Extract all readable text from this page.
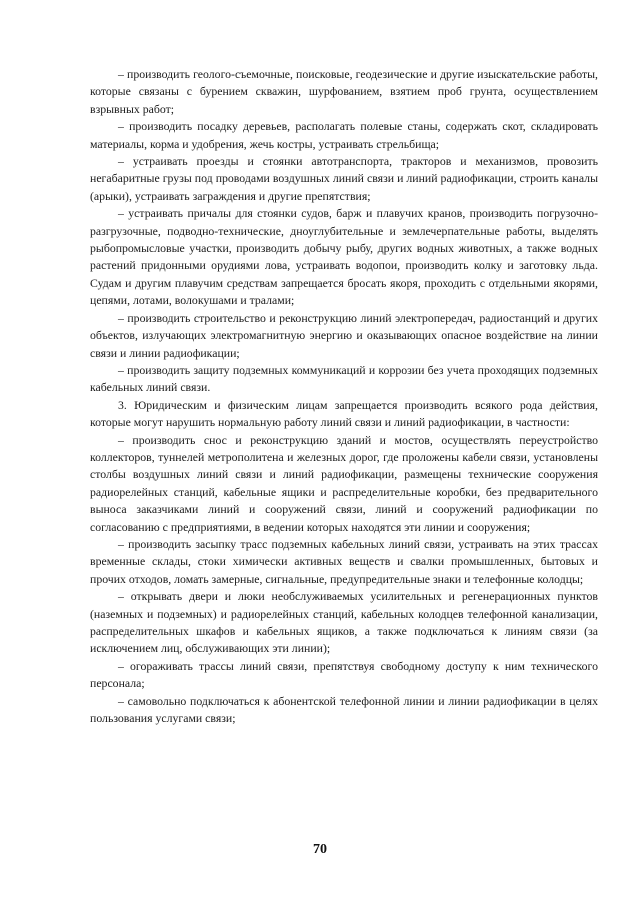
– производить геолого-съемочные, поисковые, геодезические и другие изыскательские работы, которые связаны с бурением скважин, шурфованием, взятием проб грунта, осуществлением взрывных работ;

– производить посадку деревьев, располагать полевые станы, содержать скот, складировать материалы, корма и удобрения, жечь костры, устраивать стрельбища;

– устраивать проезды и стоянки автотранспорта, тракторов и механизмов, провозить негабаритные грузы под проводами воздушных линий связи и линий радиофикации, строить каналы (арыки), устраивать заграждения и другие препятствия;

– устраивать причалы для стоянки судов, барж и плавучих кранов, производить погрузочно-разгрузочные, подводно-технические, дноуглубительные и землечерпательные работы, выделять рыбопромысловые участки, производить добычу рыбу, других водных животных, а также водных растений придонными орудиями лова, устраивать водопои, производить колку и заготовку льда. Судам и другим плавучим средствам запрещается бросать якоря, проходить с отдельными якорями, цепями, лотами, волокушами и тралами;

– производить строительство и реконструкцию линий электропередач, радиостанций и других объектов, излучающих электромагнитную энергию и оказывающих опасное воздействие на линии связи и линии радиофикации;

– производить защиту подземных коммуникаций и коррозии без учета проходящих подземных кабельных линий связи.

3. Юридическим и физическим лицам запрещается производить всякого рода действия, которые могут нарушить нормальную работу линий связи и линий радиофикации, в частности:

– производить снос и реконструкцию зданий и мостов, осуществлять переустройство коллекторов, туннелей метрополитена и железных дорог, где проложены кабели связи, установлены столбы воздушных линий связи и линий радиофикации, размещены технические сооружения радиорелейных станций, кабельные ящики и распределительные коробки, без предварительного выноса заказчиками линий и сооружений связи, линий и сооружений радиофикации по согласованию с предприятиями, в ведении которых находятся эти линии и сооружения;

– производить засыпку трасс подземных кабельных линий связи, устраивать на этих трассах временные склады, стоки химически активных веществ и свалки промышленных, бытовых и прочих отходов, ломать замерные, сигнальные, предупредительные знаки и телефонные колодцы;

– открывать двери и люки необслуживаемых усилительных и регенерационных пунктов (наземных и подземных) и радиорелейных станций, кабельных колодцев телефонной канализации, распределительных шкафов и кабельных ящиков, а также подключаться к линиям связи (за исключением лиц, обслуживающих эти линии);

– огораживать трассы линий связи, препятствуя свободному доступу к ним технического персонала;

– самовольно подключаться к абонентской телефонной линии и линии радиофикации в целях пользования услугами связи;

70
